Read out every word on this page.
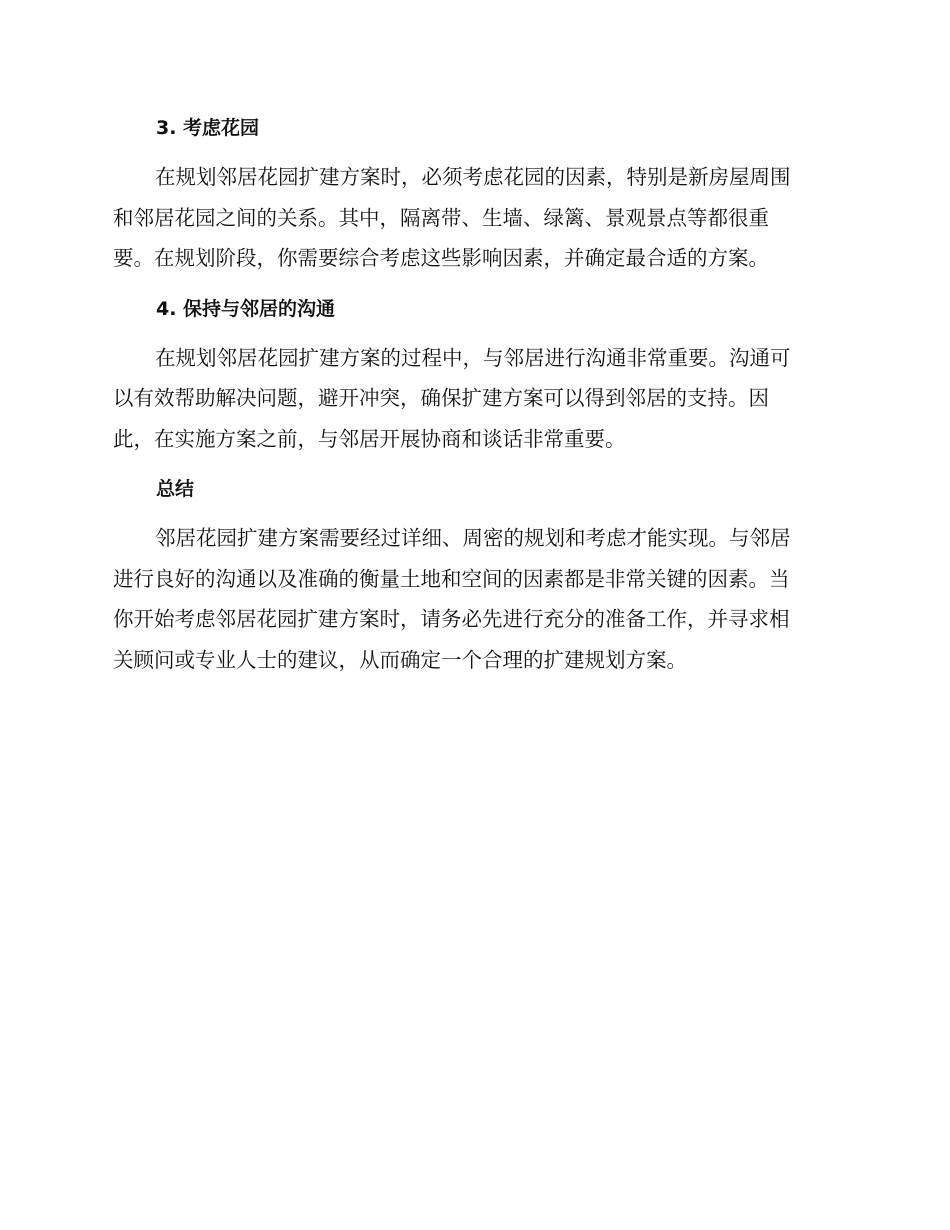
3. 考虑花园
在规划邻居花园扩建方案时，必须考虑花园的因素，特别是新房屋周围
和邻居花园之间的关系。其中，隔离带、生墙、绿篱、景观景点等都很重
要。在规划阶段，你需要综合考虑这些影响因素，并确定最合适的方案。
4. 保持与邻居的沟通
在规划邻居花园扩建方案的过程中，与邻居进行沟通非常重要。沟通可
以有效帮助解决问题，避开冲突，确保扩建方案可以得到邻居的支持。因
此，在实施方案之前，与邻居开展协商和谈话非常重要。
总结
邻居花园扩建方案需要经过详细、周密的规划和考虑才能实现。与邻居
进行良好的沟通以及准确的衡量土地和空间的因素都是非常关键的因素。当
你开始考虑邻居花园扩建方案时，请务必先进行充分的准备工作，并寻求相
关顾问或专业人士的建议，从而确定一个合理的扩建规划方案。
